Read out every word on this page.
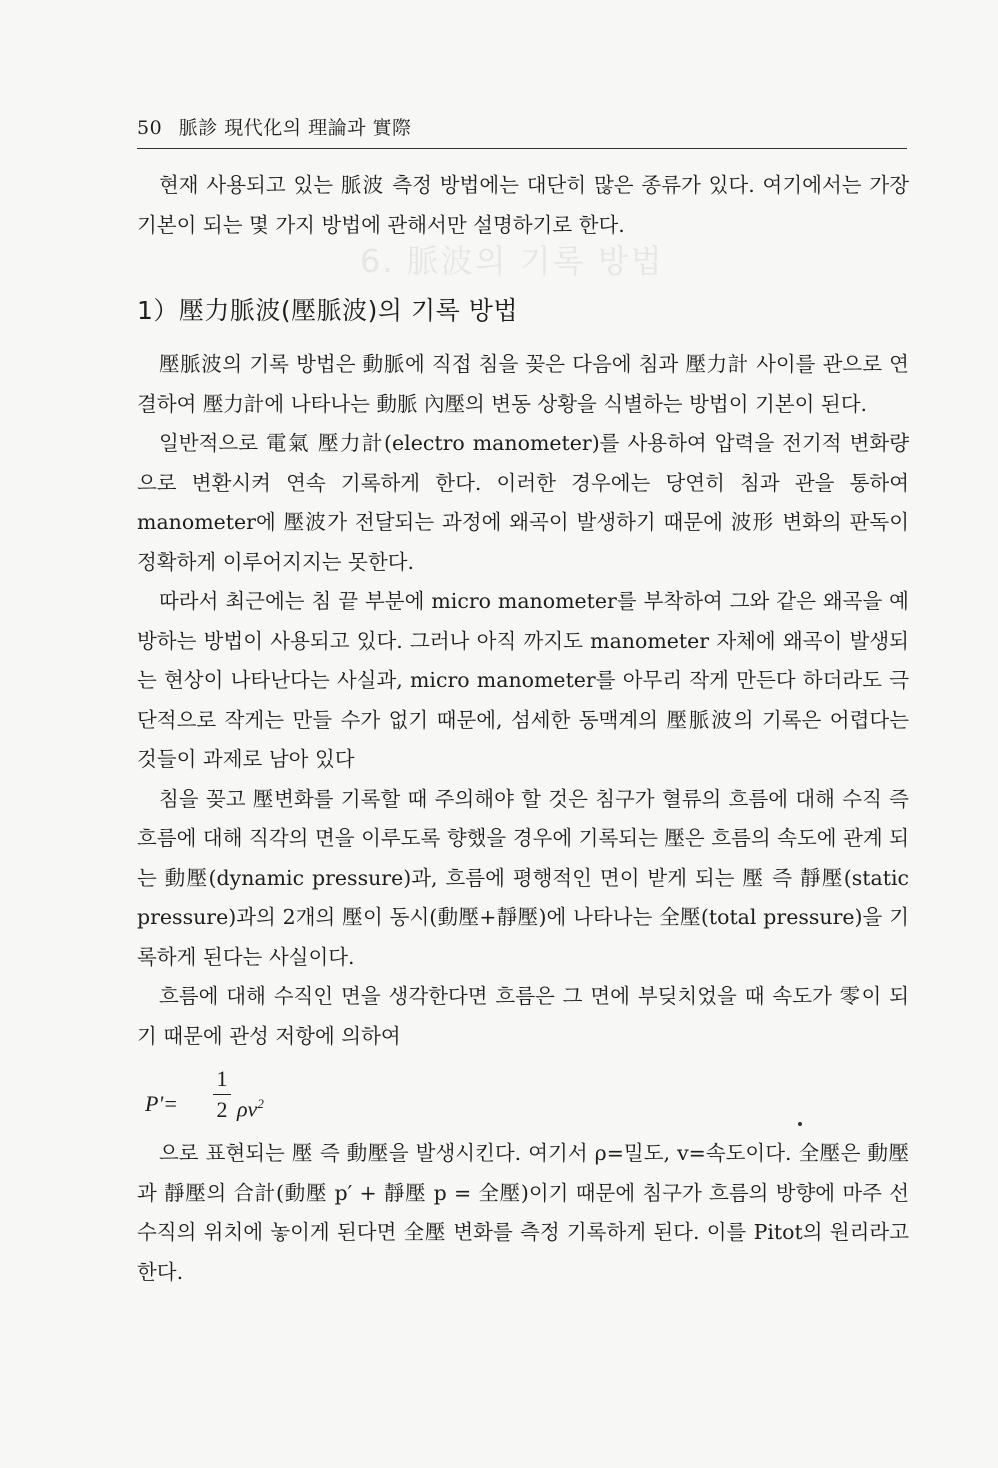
6. 脈波의 기록 방법
50 脈診 現代化의 理論과 實際

현재 사용되고 있는 脈波 측정 방법에는 대단히 많은 종류가 있다. 여기에서는 가장 기본이 되는 몇 가지 방법에 관해서만 설명하기로 한다.

1）壓力脈波(壓脈波)의 기록 방법

壓脈波의 기록 방법은 動脈에 직접 침을 꽂은 다음에 침과 壓力計 사이를 관으로 연결하여 壓力計에 나타나는 動脈 內壓의 변동 상황을 식별하는 방법이 기본이 된다.

일반적으로 電氣 壓力計(electro manometer)를 사용하여 압력을 전기적 변화량으로 변환시켜 연속 기록하게 한다. 이러한 경우에는 당연히 침과 관을 통하여 manometer에 壓波가 전달되는 과정에 왜곡이 발생하기 때문에 波形 변화의 판독이 정확하게 이루어지지는 못한다.

따라서 최근에는 침 끝 부분에 micro manometer를 부착하여 그와 같은 왜곡을 예방하는 방법이 사용되고 있다. 그러나 아직 까지도 manometer 자체에 왜곡이 발생되는 현상이 나타난다는 사실과, micro manometer를 아무리 작게 만든다 하더라도 극단적으로 작게는 만들 수가 없기 때문에, 섬세한 동맥계의 壓脈波의 기록은 어렵다는 것들이 과제로 남아 있다

침을 꽂고 壓변화를 기록할 때 주의해야 할 것은 침구가 혈류의 흐름에 대해 수직 즉 흐름에 대해 직각의 면을 이루도록 향했을 경우에 기록되는 壓은 흐름의 속도에 관계 되는 動壓(dynamic pressure)과, 흐름에 평행적인 면이 받게 되는 壓 즉 靜壓(static pressure)과의 2개의 壓이 동시(動壓+靜壓)에 나타나는 全壓(total pressure)을 기록하게 된다는 사실이다.

흐름에 대해 수직인 면을 생각한다면 흐름은 그 면에 부딪치었을 때 속도가 零이 되기 때문에 관성 저항에 의하여

P'=
1
2 $\rho v^2$

으로 표현되는 壓 즉 動壓을 발생시킨다. 여기서 ρ=밀도, v=속도이다. 全壓은 動壓과 靜壓의 合計(動壓 p′ + 靜壓 p = 全壓)이기 때문에 침구가 흐름의 방향에 마주 선 수직의 위치에 놓이게 된다면 全壓 변화를 측정 기록하게 된다. 이를 Pitot의 원리라고 한다.
